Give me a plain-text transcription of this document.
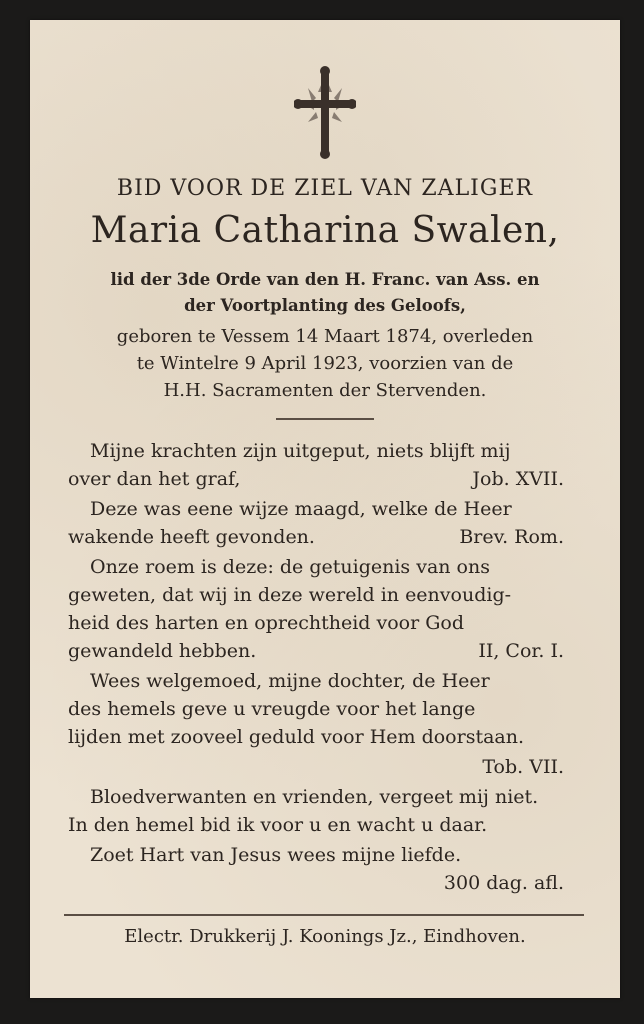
BID VOOR DE ZIEL VAN ZALIGER
Maria Catharina Swalen,
lid der 3de Orde van den H. Franc. van Ass. en
der Voortplanting des Geloofs,
geboren te Vessem 14 Maart 1874, overleden
te Wintelre 9 April 1923, voorzien van de
H.H. Sacramenten der Stervenden.
Mijne krachten zijn uitgeput, niets blijft mij
over dan het graf,	Job. XVII.
Deze was eene wijze maagd, welke de Heer
wakende heeft gevonden.	Brev. Rom.
Onze roem is deze: de getuigenis van ons
geweten, dat wij in deze wereld in eenvoudig-
heid des harten en oprechtheid voor God
gewandeld hebben.	II, Cor. I.
Wees welgemoed, mijne dochter, de Heer
des hemels geve u vreugde voor het lange
lijden met zooveel geduld voor Hem doorstaan.
Tob. VII.
Bloedverwanten en vrienden, vergeet mij niet.
In den hemel bid ik voor u en wacht u daar.
Zoet Hart van Jesus wees mijne liefde.
300 dag. afl.
Electr. Drukkerij J. Koonings Jz., Eindhoven.
